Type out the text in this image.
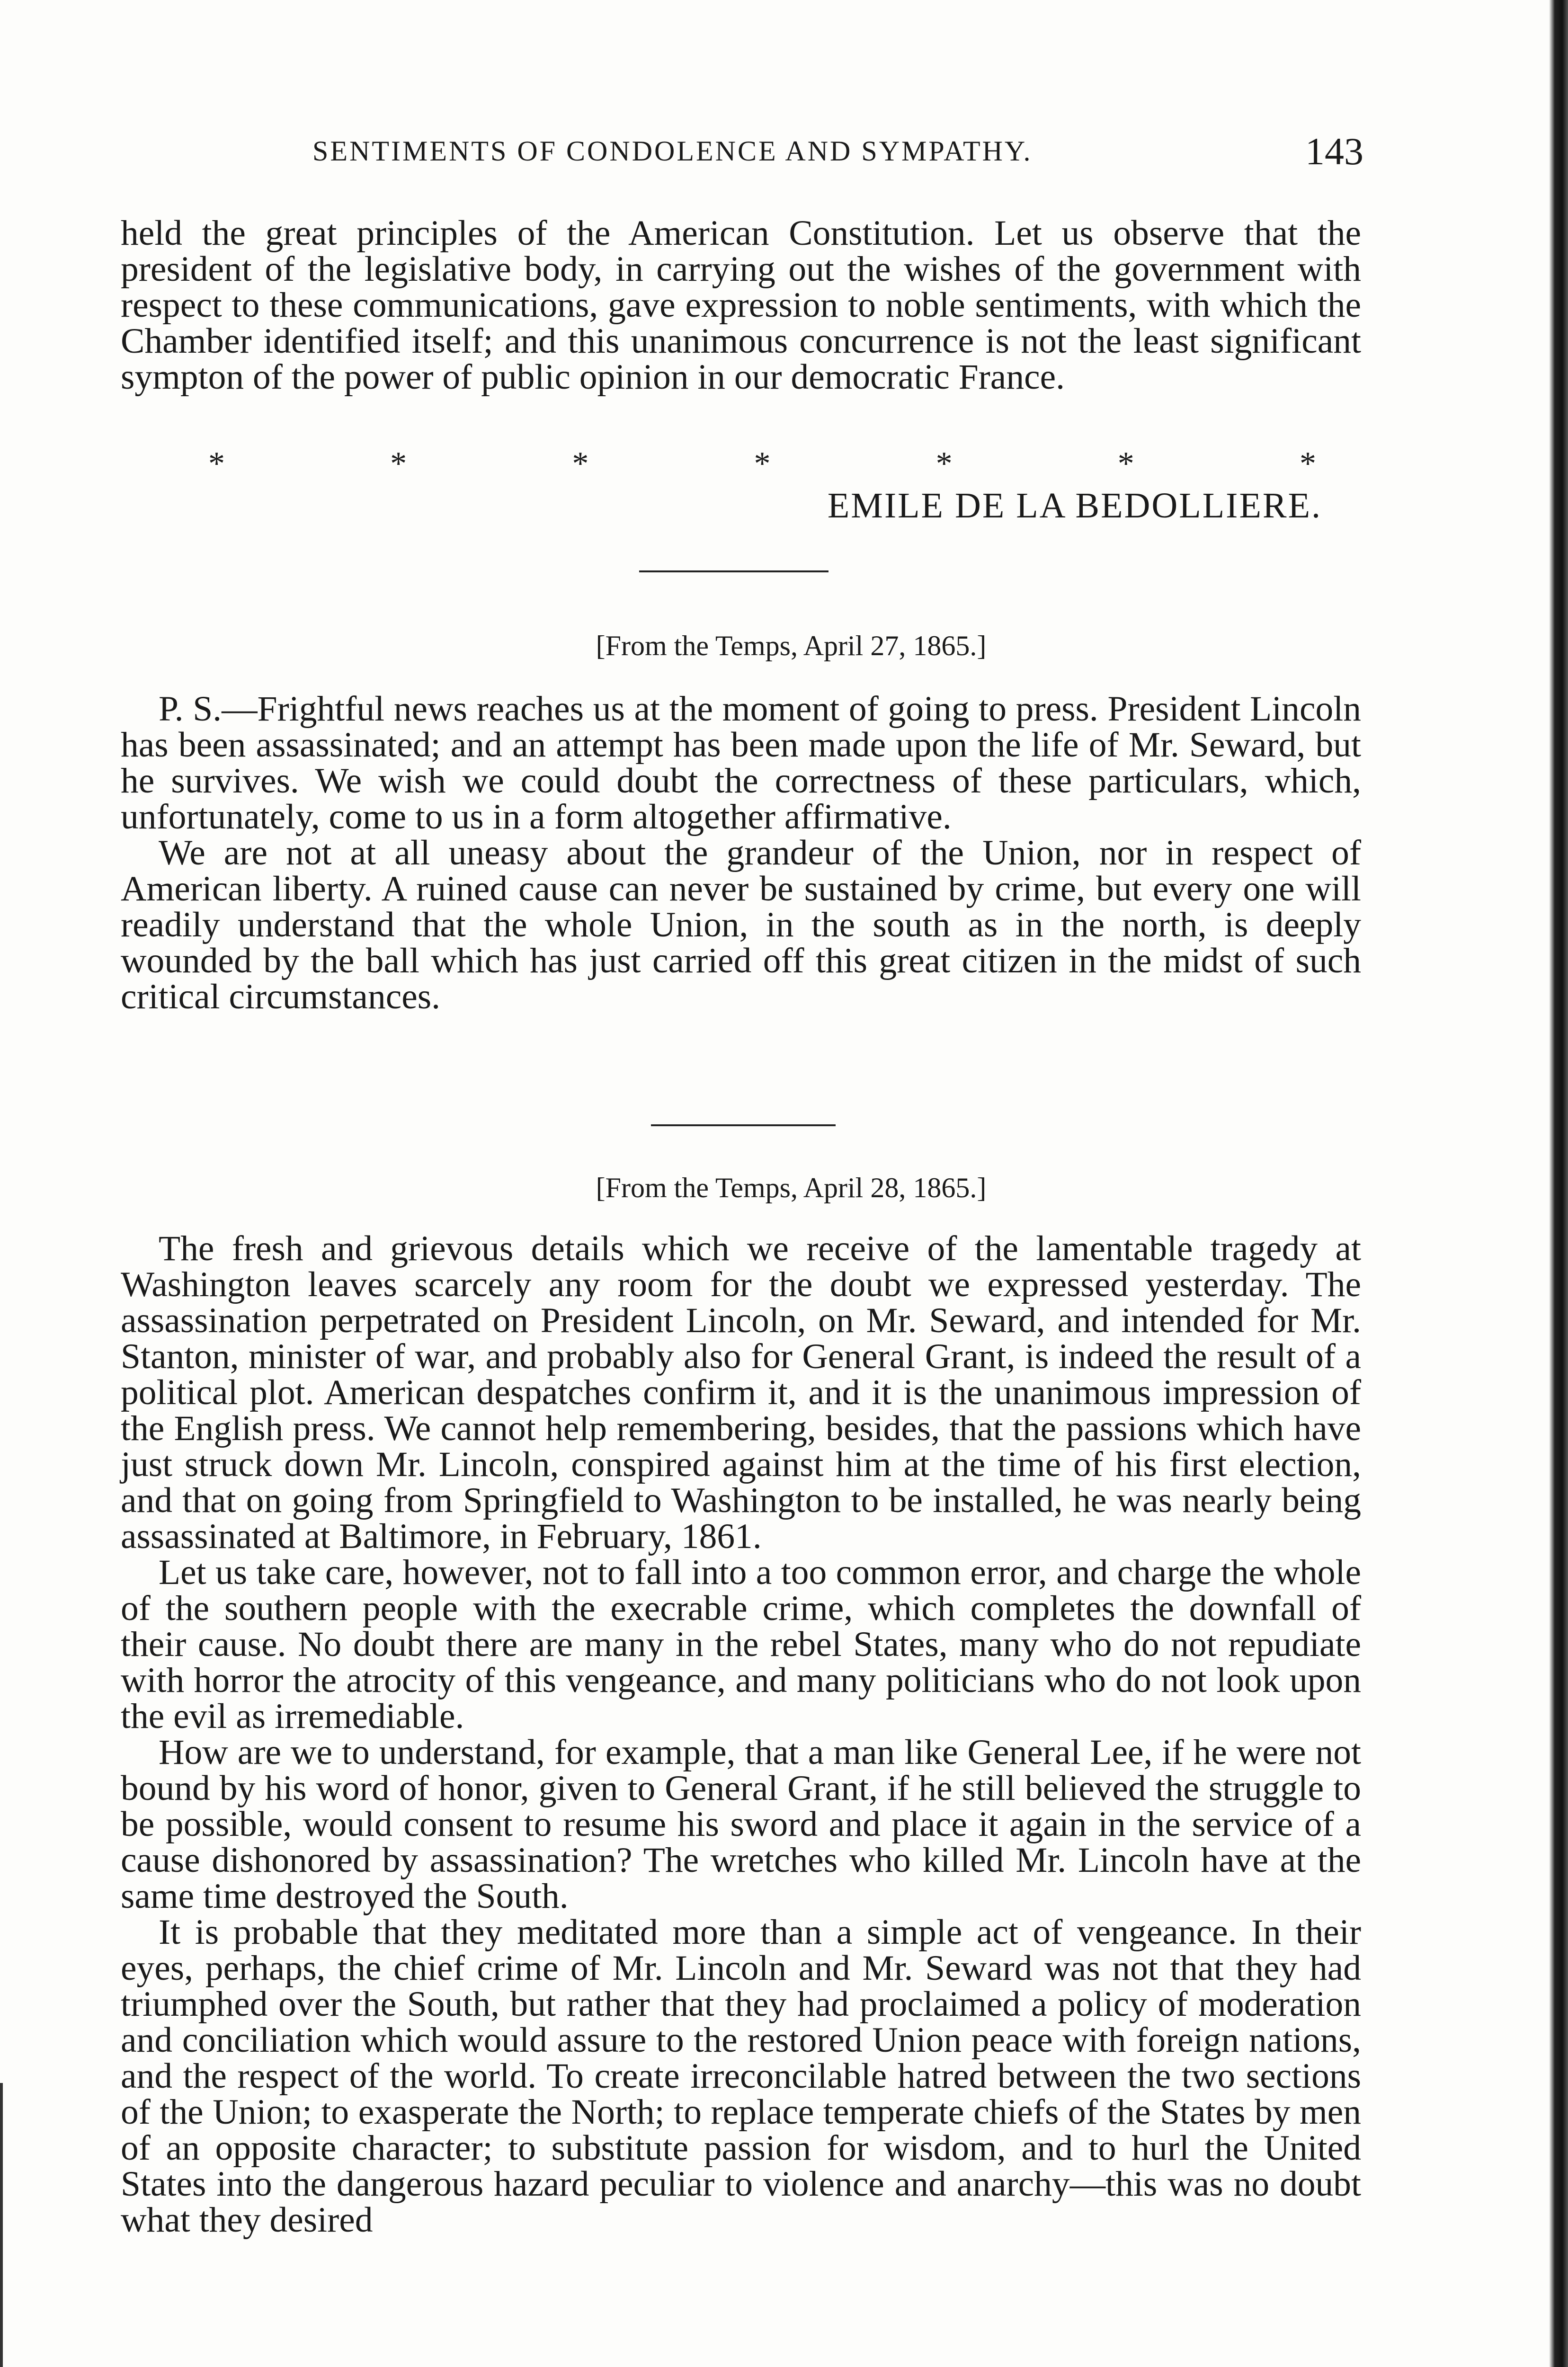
SENTIMENTS OF CONDOLENCE AND SYMPATHY.	143

held the great principles of the American Constitution. Let us observe that the president of the legislative body, in carrying out the wishes of the government with respect to these communications, gave expression to noble sentiments, with which the Chamber identified itself; and this unanimous concurrence is not the least significant sympton of the power of public opinion in our democratic France.

*	*	*	*	*	*	*
EMILE DE LA BEDOLLIERE.
[From the Temps, April 27, 1865.]

P. S.—Frightful news reaches us at the moment of going to press. President Lincoln has been assassinated; and an attempt has been made upon the life of Mr. Seward, but he survives. We wish we could doubt the correctness of these particulars, which, unfortunately, come to us in a form altogether affirmative.

We are not at all uneasy about the grandeur of the Union, nor in respect of American liberty. A ruined cause can never be sustained by crime, but every one will readily understand that the whole Union, in the south as in the north, is deeply wounded by the ball which has just carried off this great citizen in the midst of such critical circumstances.

[From the Temps, April 28, 1865.]

The fresh and grievous details which we receive of the lamentable tragedy at Washington leaves scarcely any room for the doubt we expressed yesterday. The assassination perpetrated on President Lincoln, on Mr. Seward, and intended for Mr. Stanton, minister of war, and probably also for General Grant, is indeed the result of a political plot. American despatches confirm it, and it is the unanimous impression of the English press. We cannot help remembering, besides, that the passions which have just struck down Mr. Lincoln, conspired against him at the time of his first election, and that on going from Springfield to Washington to be installed, he was nearly being assassinated at Baltimore, in February, 1861.

Let us take care, however, not to fall into a too common error, and charge the whole of the southern people with the execrable crime, which completes the downfall of their cause. No doubt there are many in the rebel States, many who do not repudiate with horror the atrocity of this vengeance, and many politicians who do not look upon the evil as irremediable.

How are we to understand, for example, that a man like General Lee, if he were not bound by his word of honor, given to General Grant, if he still believed the struggle to be possible, would consent to resume his sword and place it again in the service of a cause dishonored by assassination? The wretches who killed Mr. Lincoln have at the same time destroyed the South.

It is probable that they meditated more than a simple act of vengeance. In their eyes, perhaps, the chief crime of Mr. Lincoln and Mr. Seward was not that they had triumphed over the South, but rather that they had proclaimed a policy of moderation and conciliation which would assure to the restored Union peace with foreign nations, and the respect of the world. To create irreconcilable hatred between the two sections of the Union; to exasperate the North; to replace temperate chiefs of the States by men of an opposite character; to substitute passion for wisdom, and to hurl the United States into the dangerous hazard peculiar to violence and anarchy—this was no doubt what they desired
